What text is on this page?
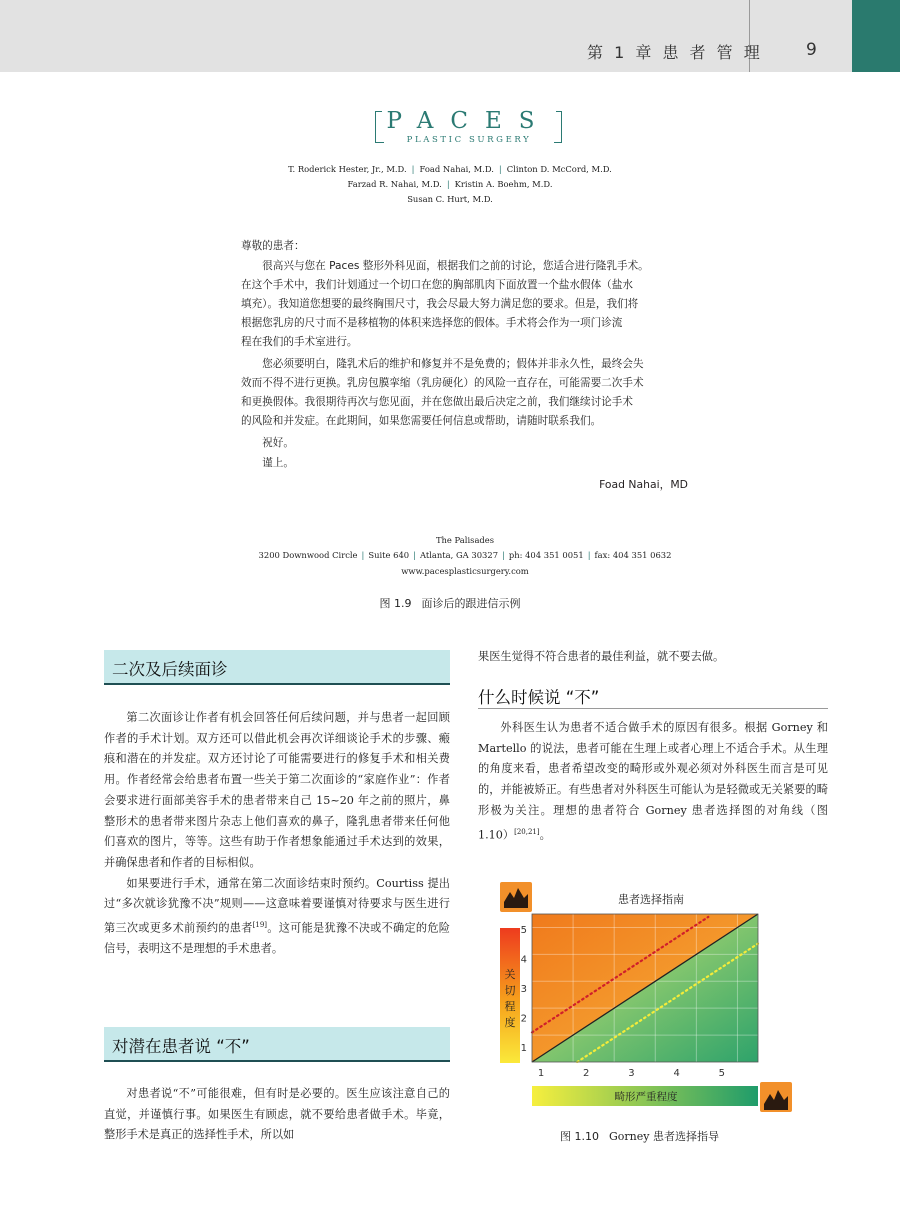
第 1 章 患 者 管 理	9
PACES
PLASTIC SURGERY
T. Roderick Hester, Jr., M.D. | Foad Nahai, M.D. | Clinton D. McCord, M.D.
Farzad R. Nahai, M.D. | Kristin A. Boehm, M.D.
Susan C. Hurt, M.D.
尊敬的患者：
　　很高兴与您在 Paces 整形外科见面，根据我们之前的讨论，您适合进行隆乳手术。
在这个手术中，我们计划通过一个切口在您的胸部肌肉下面放置一个盐水假体（盐水
填充）。我知道您想要的最终胸围尺寸，我会尽最大努力满足您的要求。但是，我们将
根据您乳房的尺寸而不是移植物的体积来选择您的假体。手术将会作为一项门诊流
程在我们的手术室进行。
　　您必须要明白，隆乳术后的维护和修复并不是免费的；假体并非永久性，最终会失
效而不得不进行更换。乳房包膜挛缩（乳房硬化）的风险一直存在，可能需要二次手术
和更换假体。我很期待再次与您见面，并在您做出最后决定之前，我们继续讨论手术
的风险和并发症。在此期间，如果您需要任何信息或帮助，请随时联系我们。
　　祝好。
　　谨上。
Foad Nahai，MD
The Palisades
3200 Downwood Circle | Suite 640 | Atlanta, GA 30327 | ph: 404 351 0051 | fax: 404 351 0632
www.pacesplasticsurgery.com
图 1.9 面诊后的跟进信示例
二次及后续面诊

第二次面诊让作者有机会回答任何后续问题，并与患者一起回顾作者的手术计划。双方还可以借此机会再次详细谈论手术的步骤、瘢痕和潜在的并发症。双方还讨论了可能需要进行的修复手术和相关费用。作者经常会给患者布置一些关于第二次面诊的“家庭作业”：作者会要求进行面部美容手术的患者带来自己 15~20 年之前的照片，鼻整形术的患者带来图片杂志上他们喜欢的鼻子，隆乳患者带来任何他们喜欢的图片，等等。这些有助于作者想象能通过手术达到的效果，并确保患者和作者的目标相似。

如果要进行手术，通常在第二次面诊结束时预约。Courtiss 提出过“多次就诊犹豫不决”规则——这意味着要谨慎对待要求与医生进行第三次或更多术前预约的患者[19]。这可能是犹豫不决或不确定的危险信号，表明这不是理想的手术患者。

对潜在患者说 “不”

对患者说“不”可能很难，但有时是必要的。医生应该注意自己的直觉，并谨慎行事。如果医生有顾虑，就不要给患者做手术。毕竟，整形手术是真正的选择性手术，所以如

果医生觉得不符合患者的最佳利益，就不要去做。
什么时候说 “不”

外科医生认为患者不适合做手术的原因有很多。根据 Gorney 和 Martello 的说法，患者可能在生理上或者心理上不适合手术。从生理的角度来看，患者希望改变的畸形或外观必须对外科医生而言是可见的，并能被矫正。有些患者对外科医生可能认为是轻微或无关紧要的畸形极为关注。理想的患者符合 Gorney 患者选择图的对角线（图 1.10）[20,21]。

患者选择指南
关切程度
1	2	3	4	5
1
2
3
4
5
畸形严重程度
图 1.10 Gorney 患者选择指导
